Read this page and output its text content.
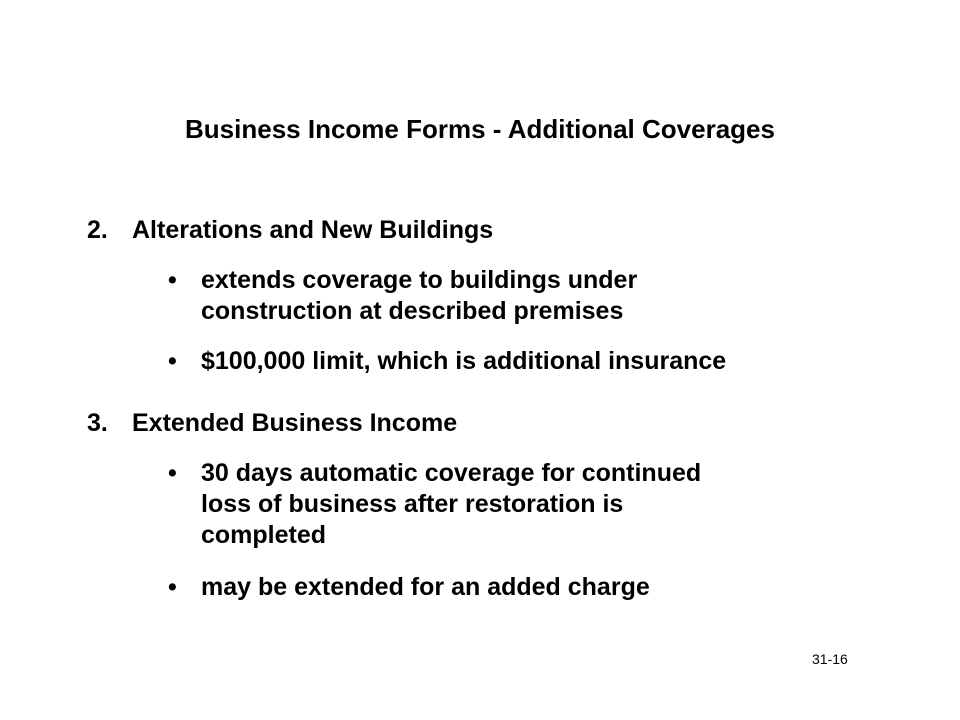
Business Income Forms - Additional Coverages
2. Alterations and New Buildings
• extends coverage to buildings under
construction at described premises
• $100,000 limit, which is additional insurance
3. Extended Business Income
• 30 days automatic coverage for continued
loss of business after restoration is
completed
• may be extended for an added charge
31-16
